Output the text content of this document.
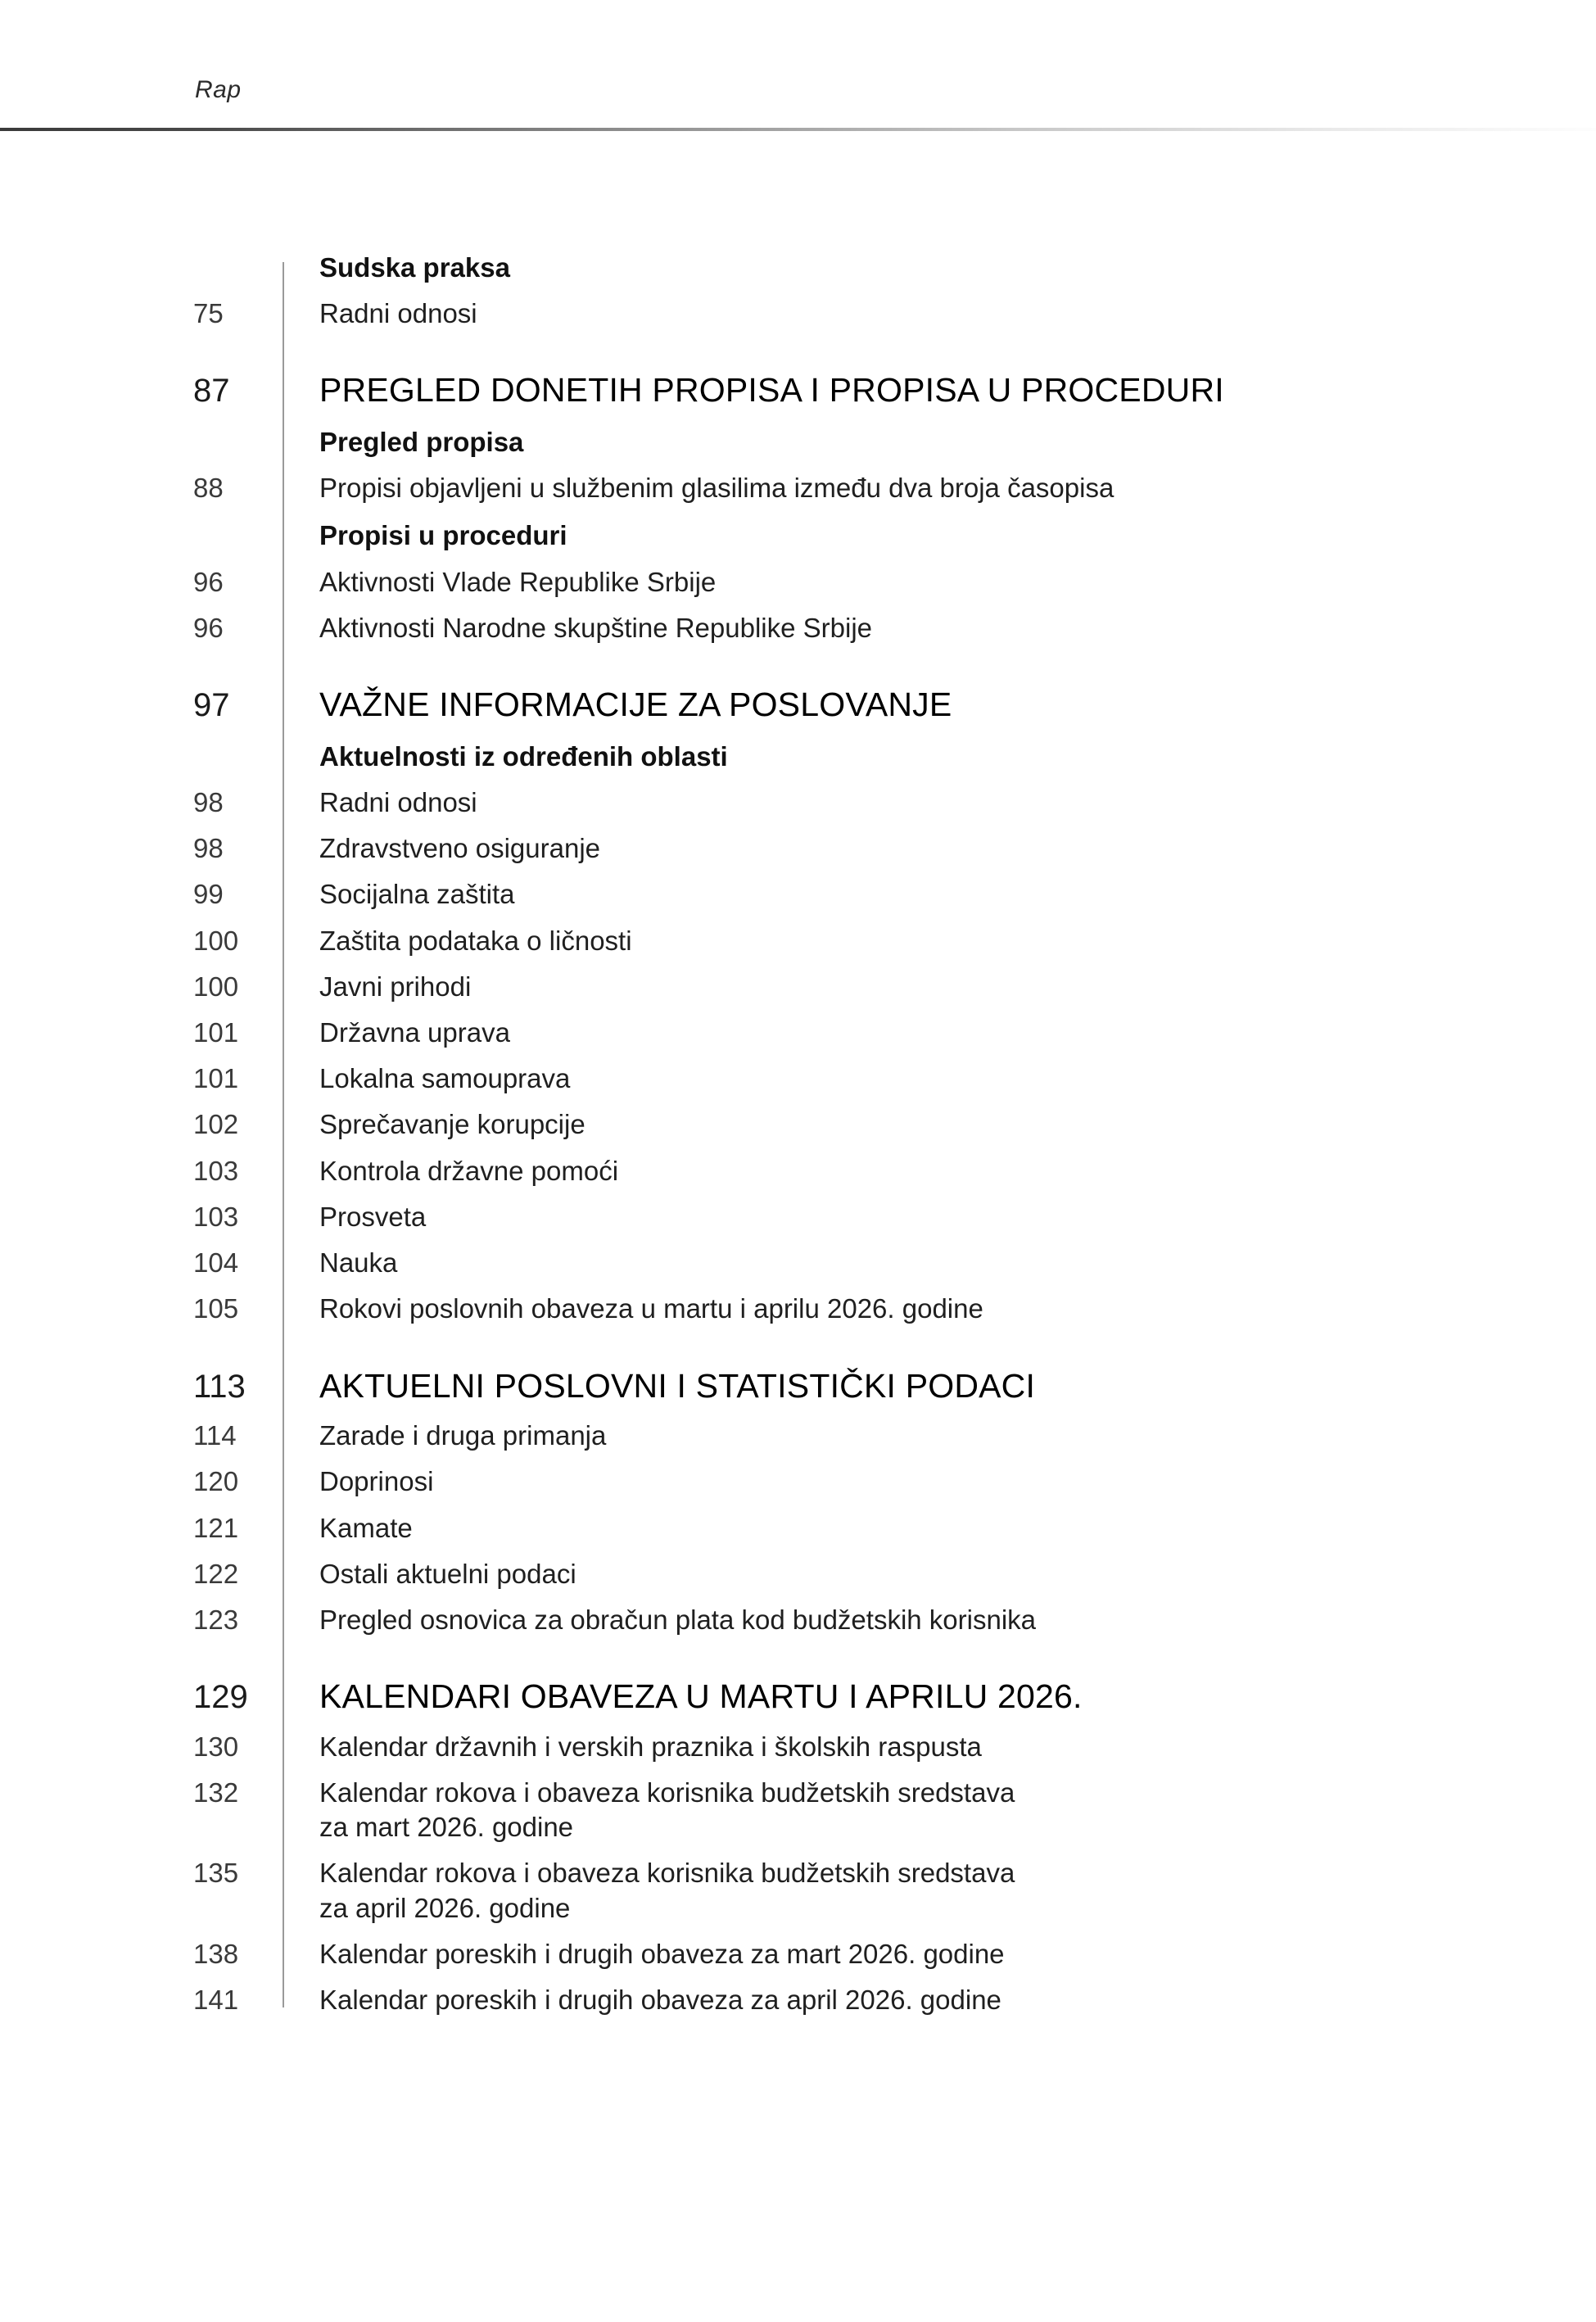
Rap
Sudska praksa
75	Radni odnosi
87	PREGLED DONETIH PROPISA I PROPISA U PROCEDURI
Pregled propisa
88	Propisi objavljeni u službenim glasilima između dva broja časopisa
Propisi u proceduri
96	Aktivnosti Vlade Republike Srbije
96	Aktivnosti Narodne skupštine Republike Srbije
97	VAŽNE INFORMACIJE ZA POSLOVANJE
Aktuelnosti iz određenih oblasti
98	Radni odnosi
98	Zdravstveno osiguranje
99	Socijalna zaštita
100	Zaštita podataka o ličnosti
100	Javni prihodi
101	Državna uprava
101	Lokalna samouprava
102	Sprečavanje korupcije
103	Kontrola državne pomoći
103	Prosveta
104	Nauka
105	Rokovi poslovnih obaveza u martu i aprilu 2026. godine
113	AKTUELNI POSLOVNI I STATISTIČKI PODACI
114	Zarade i druga primanja
120	Doprinosi
121	Kamate
122	Ostali aktuelni podaci
123	Pregled osnovica za obračun plata kod budžetskih korisnika
129	KALENDARI OBAVEZA U MARTU I APRILU 2026.
130	Kalendar državnih i verskih praznika i školskih raspusta
132	Kalendar rokova i obaveza korisnika budžetskih sredstava
za mart 2026. godine
135	Kalendar rokova i obaveza korisnika budžetskih sredstava
za april 2026. godine
138	Kalendar poreskih i drugih obaveza za mart 2026. godine
141	Kalendar poreskih i drugih obaveza za april 2026. godine
